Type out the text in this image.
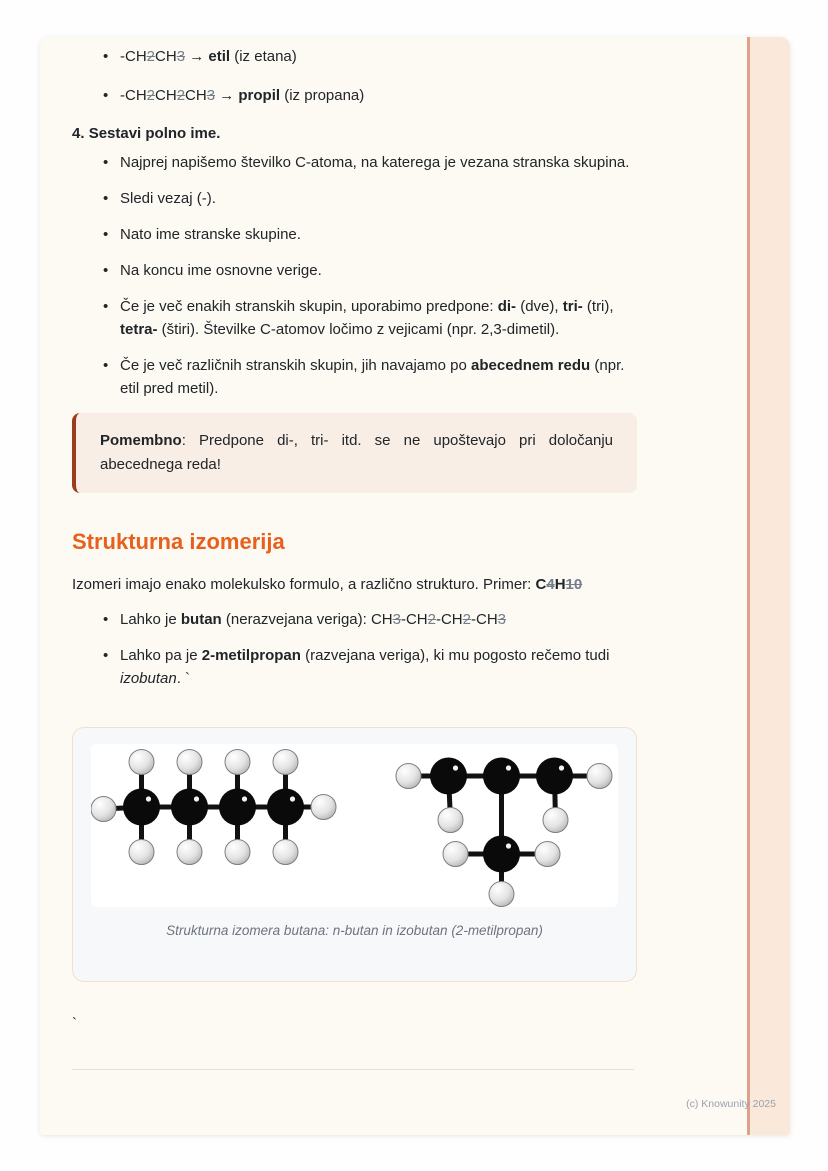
• -CH2CH3 → etil (iz etana)
• -CH2CH2CH3 → propil (iz propana)
4. Sestavi polno ime.
• Najprej napišemo številko C-atoma, na katerega je vezana stranska skupina.
• Sledi vezaj (-).
• Nato ime stranske skupine.
• Na koncu ime osnovne verige.
• Če je več enakih stranskih skupin, uporabimo predpone: di- (dve), tri- (tri), tetra- (štiri). Številke C-atomov ločimo z vejicami (npr. 2,3-dimetil).
• Če je več različnih stranskih skupin, jih navajamo po abecednem redu (npr. etil pred metil).

Pomembno: Predpone di-, tri- itd. se ne upoštevajo pri določanju abecednega reda!

Strukturna izomerija

Izomeri imajo enako molekulsko formulo, a različno strukturo. Primer: C4H10

• Lahko je butan (nerazvejana veriga): CH3-CH2-CH2-CH3
• Lahko pa je 2-metilpropan (razvejana veriga), ki mu pogosto rečemo tudi izobutan. `
Strukturna izomera butana: n-butan in izobutan (2-metilpropan)

`

(c) Knowunity 2025
